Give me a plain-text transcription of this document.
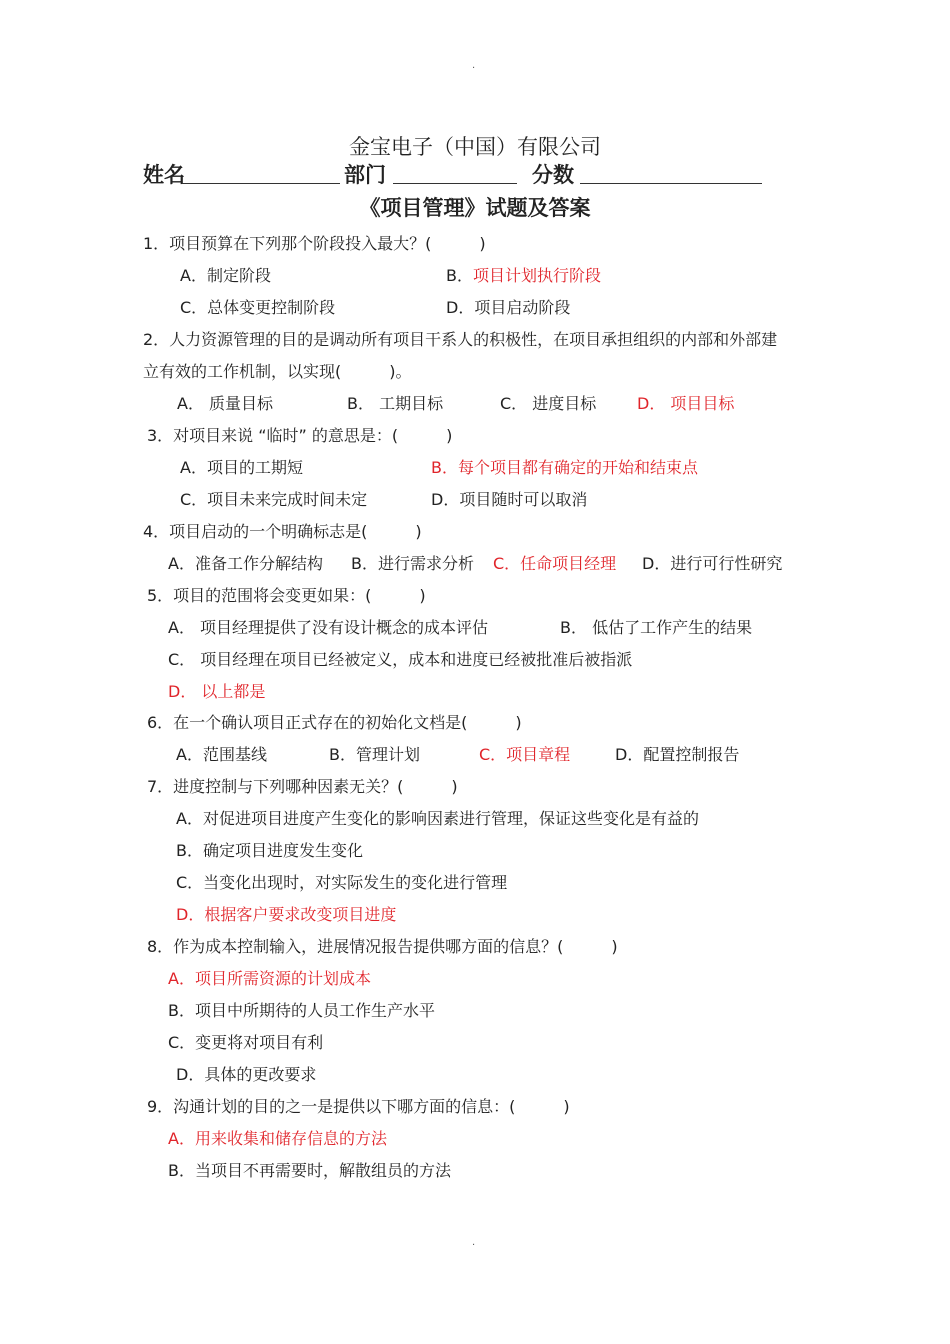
.
金宝电子（中国）有限公司
姓名	部门	分数
《项目管理》试题及答案
1．项目预算在下列那个阶段投入最大？(　　　)
A．制定阶段	B．项目计划执行阶段
C．总体变更控制阶段	D．项目启动阶段
2．人力资源管理的目的是调动所有项目干系人的积极性，在项目承担组织的内部和外部建
立有效的工作机制，以实现(　　　)。
A． 质量目标	B． 工期目标	C． 进度目标	D． 项目目标
3．对项目来说 “临时” 的意思是：(　　　)
A．项目的工期短	B．每个项目都有确定的开始和结束点
C．项目未来完成时间未定	D．项目随时可以取消
4．项目启动的一个明确标志是(　　　)
A．准备工作分解结构 B．进行需求分析 C．任命项目经理 D．进行可行性研究
5．项目的范围将会变更如果：(　　　)
A． 项目经理提供了没有设计概念的成本评估	B． 低估了工作产生的结果
C． 项目经理在项目已经被定义，成本和进度已经被批准后被指派
D． 以上都是
6．在一个确认项目正式存在的初始化文档是(　　　)
A．范围基线	B．管理计划	C．项目章程	D．配置控制报告
7．进度控制与下列哪种因素无关？(　　　)
A．对促进项目进度产生变化的影响因素进行管理，保证这些变化是有益的
B．确定项目进度发生变化
C．当变化出现时，对实际发生的变化进行管理
D．根据客户要求改变项目进度
8．作为成本控制输入，进展情况报告提供哪方面的信息？(　　　)
A．项目所需资源的计划成本
B．项目中所期待的人员工作生产水平
C．变更将对项目有利
D．具体的更改要求
9．沟通计划的目的之一是提供以下哪方面的信息：(　　　)
A．用来收集和储存信息的方法
B．当项目不再需要时，解散组员的方法
.
